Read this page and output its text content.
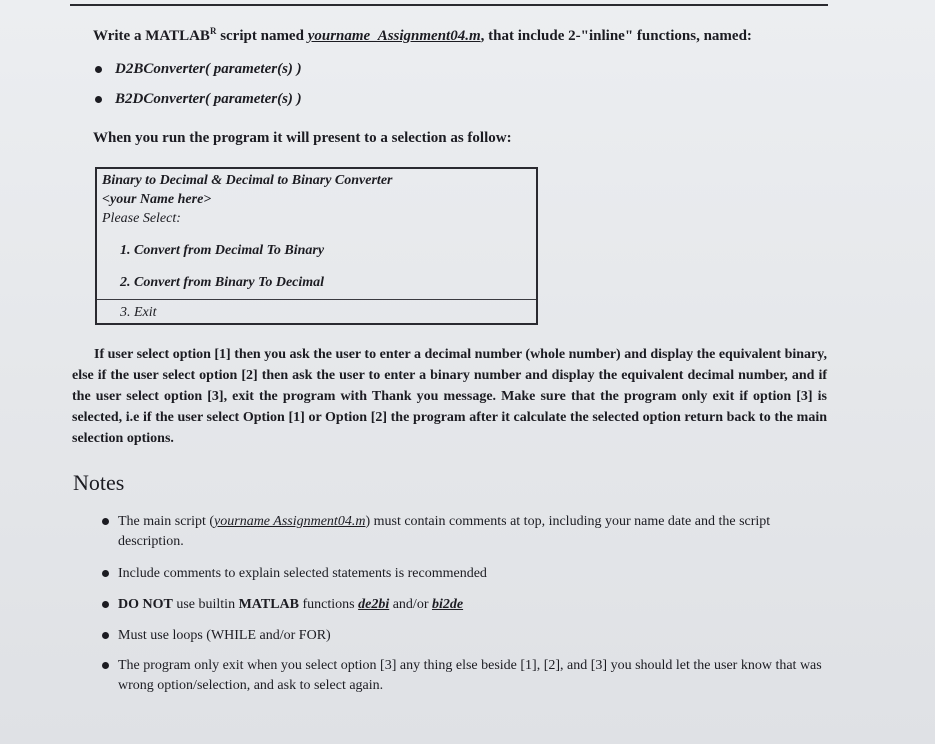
Write a $MATLAB^R$ script named yourname_Assignment04.m, that include 2-"inline" functions, named:
D2BConverter( parameter(s) )
B2DConverter( parameter(s) )
When you run the program it will present to a selection as follow:
Binary to Decimal & Decimal to Binary Converter
<your Name here>
Please Select:
1. Convert from Decimal To Binary
2. Convert from Binary To Decimal
3. Exit
If user select option [1] then you ask the user to enter a decimal number (whole number) and display the equivalent binary, else if the user select option [2] then ask the user to enter a binary number and display the equivalent decimal number, and if the user select option [3], exit the program with Thank you message. Make sure that the program only exit if option [3] is selected, i.e if the user select Option [1] or Option [2] the program after it calculate the selected option return back to the main selection options.
Notes
The main script (yourname Assignment04.m) must contain comments at top, including your name date and the script description.
Include comments to explain selected statements is recommended
DO NOT use builtin MATLAB functions de2bi and/or bi2de
Must use loops (WHILE and/or FOR)
The program only exit when you select option [3] any thing else beside [1], [2], and [3] you should let the user know that was wrong option/selection, and ask to select again.
